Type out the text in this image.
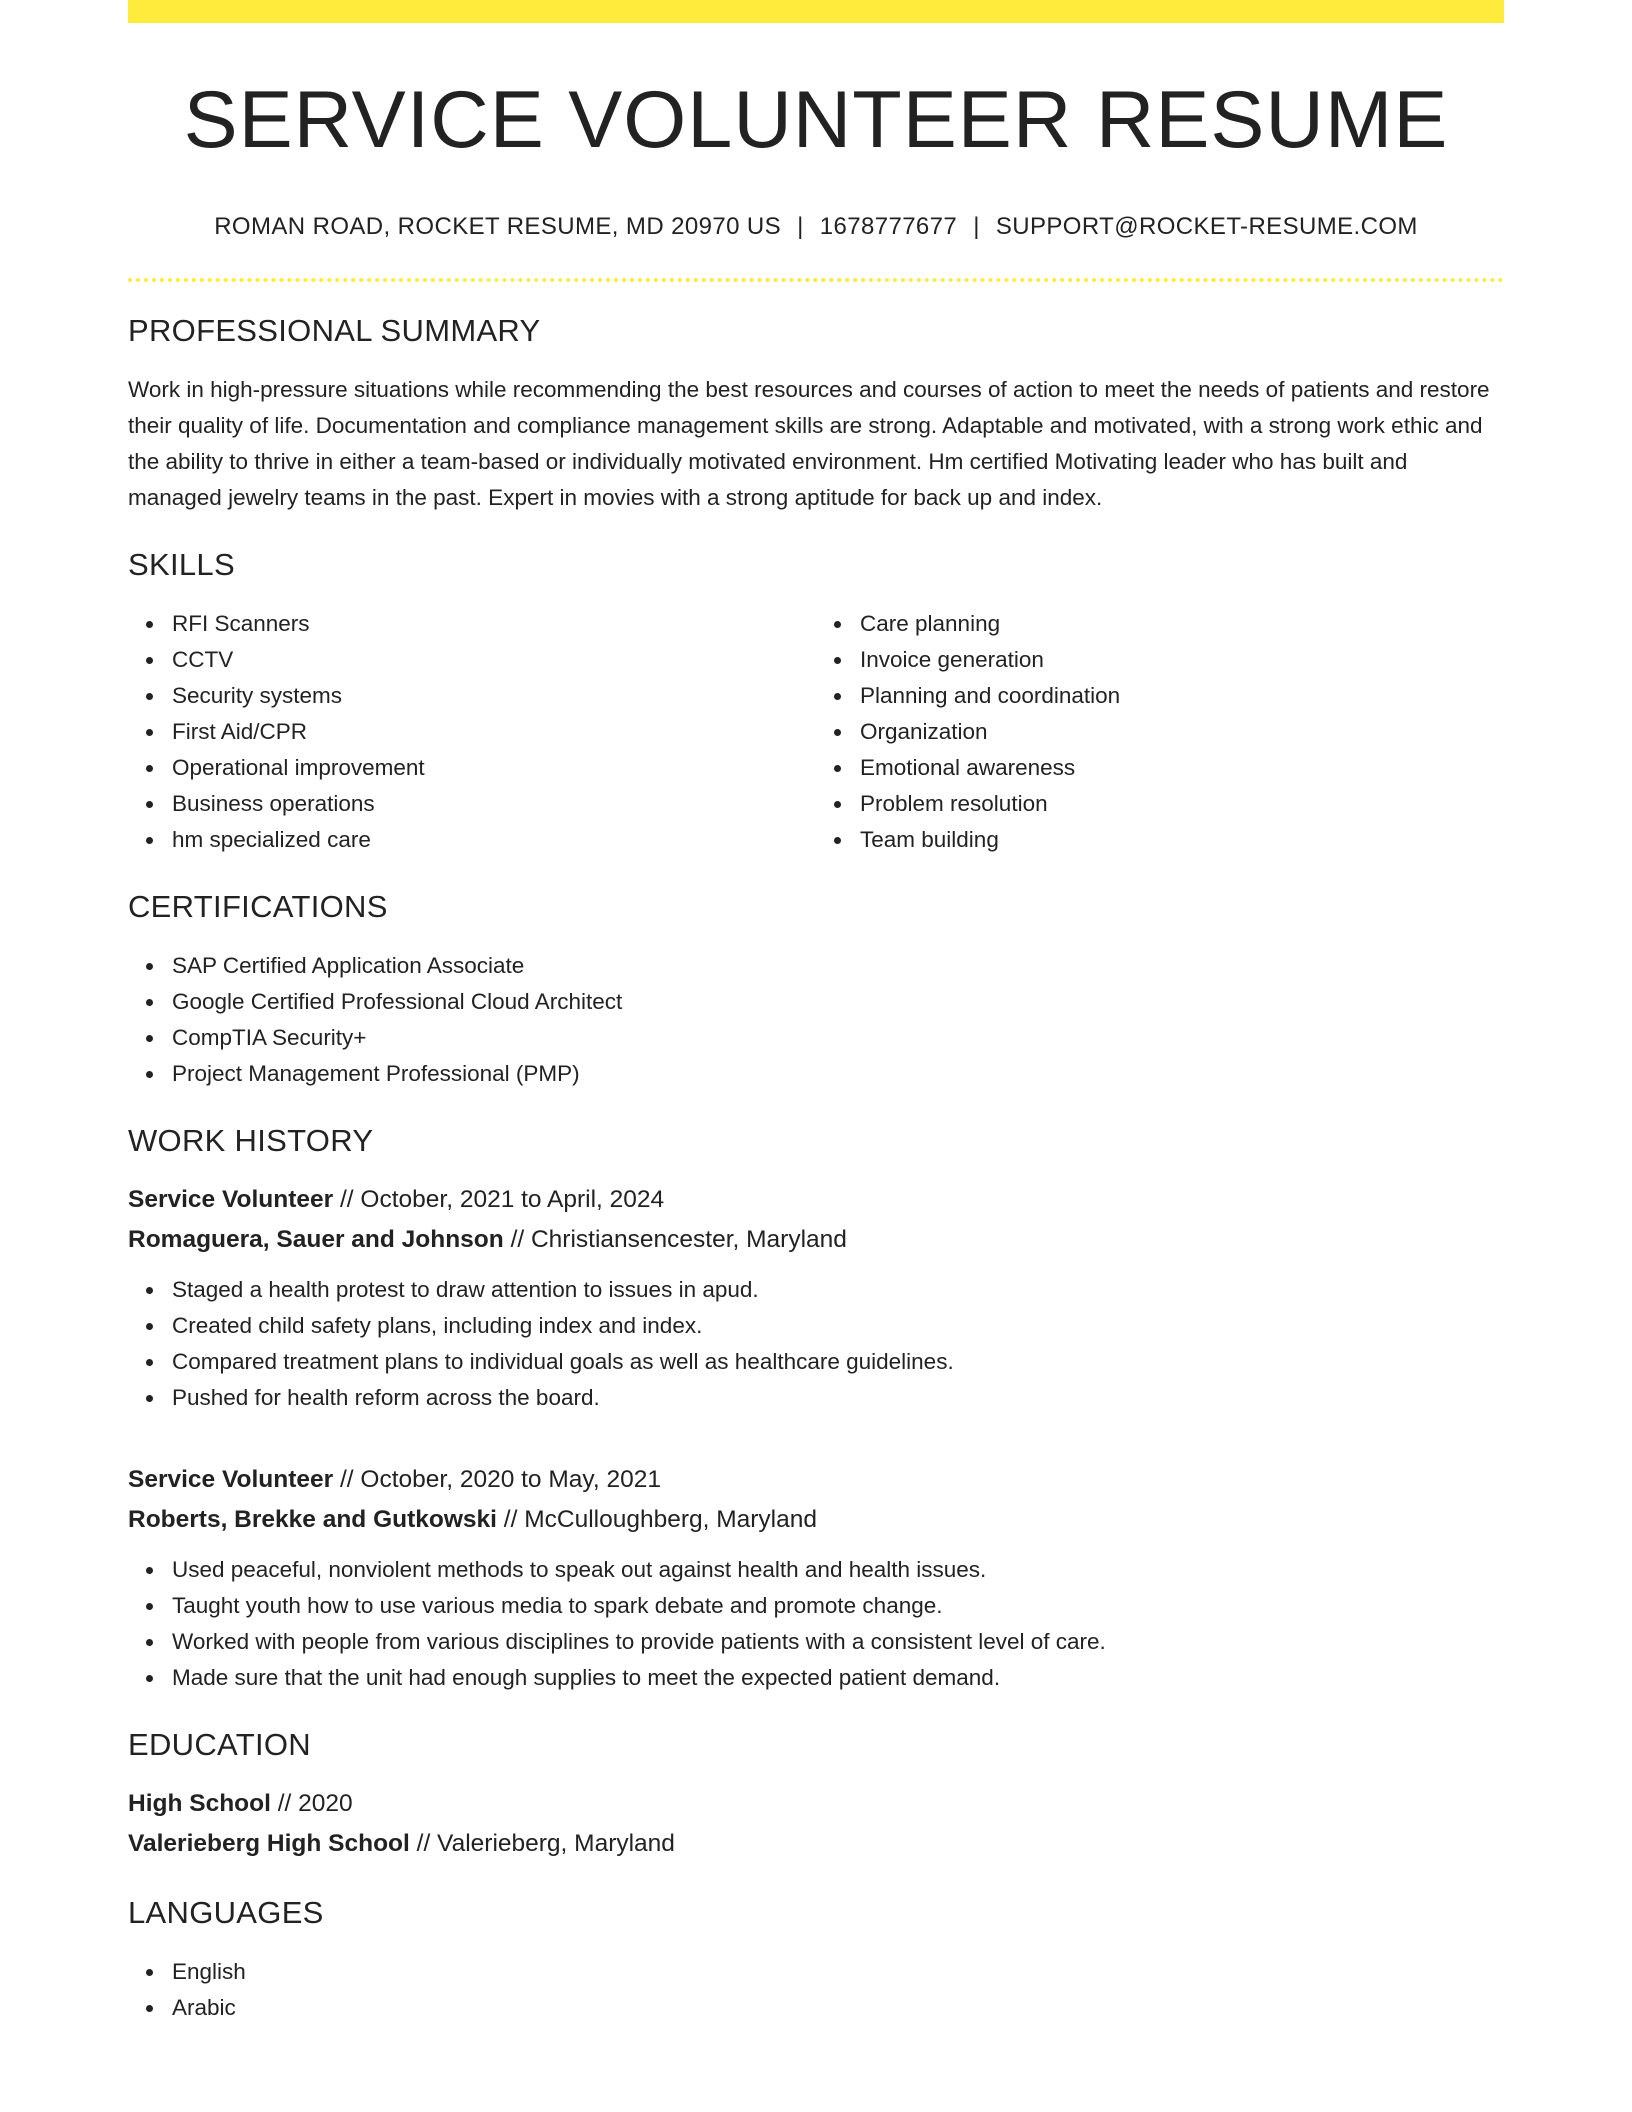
SERVICE VOLUNTEER RESUME
ROMAN ROAD, ROCKET RESUME, MD 20970 US | 1678777677 | SUPPORT@ROCKET-RESUME.COM
PROFESSIONAL SUMMARY

Work in high-pressure situations while recommending the best resources and courses of action to meet the needs of patients and restore their quality of life. Documentation and compliance management skills are strong. Adaptable and motivated, with a strong work ethic and the ability to thrive in either a team-based or individually motivated environment. Hm certified Motivating leader who has built and managed jewelry teams in the past. Expert in movies with a strong aptitude for back up and index.

SKILLS
RFI Scanners
CCTV
Security systems
First Aid/CPR
Operational improvement
Business operations
hm specialized care
Care planning
Invoice generation
Planning and coordination
Organization
Emotional awareness
Problem resolution
Team building
CERTIFICATIONS
SAP Certified Application Associate
Google Certified Professional Cloud Architect
CompTIA Security+
Project Management Professional (PMP)
WORK HISTORY
Service Volunteer // October, 2021 to April, 2024
Romaguera, Sauer and Johnson // Christiansencester, Maryland
Staged a health protest to draw attention to issues in apud.
Created child safety plans, including index and index.
Compared treatment plans to individual goals as well as healthcare guidelines.
Pushed for health reform across the board.
Service Volunteer // October, 2020 to May, 2021
Roberts, Brekke and Gutkowski // McCulloughberg, Maryland
Used peaceful, nonviolent methods to speak out against health and health issues.
Taught youth how to use various media to spark debate and promote change.
Worked with people from various disciplines to provide patients with a consistent level of care.
Made sure that the unit had enough supplies to meet the expected patient demand.
EDUCATION
High School // 2020
Valerieberg High School // Valerieberg, Maryland
LANGUAGES
English
Arabic
